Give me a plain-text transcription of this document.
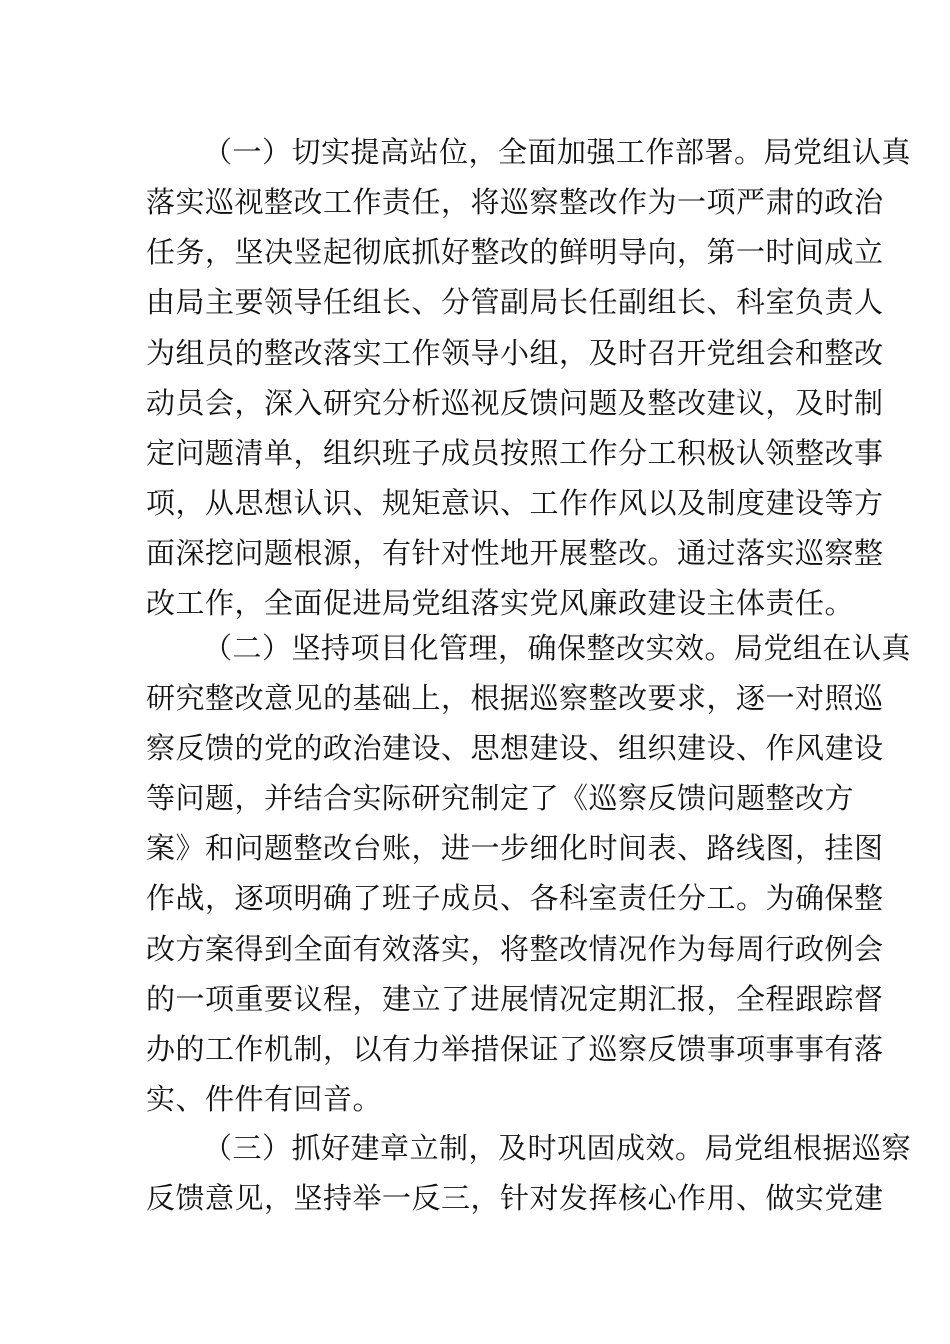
（一）切实提高站位，全面加强工作部署。局党组认真
落实巡视整改工作责任，将巡察整改作为一项严肃的政治
任务，坚决竖起彻底抓好整改的鲜明导向，第一时间成立
由局主要领导任组长、分管副局长任副组长、科室负责人
为组员的整改落实工作领导小组，及时召开党组会和整改
动员会，深入研究分析巡视反馈问题及整改建议，及时制
定问题清单，组织班子成员按照工作分工积极认领整改事
项，从思想认识、规矩意识、工作作风以及制度建设等方
面深挖问题根源，有针对性地开展整改。通过落实巡察整
改工作，全面促进局党组落实党风廉政建设主体责任。
（二）坚持项目化管理，确保整改实效。局党组在认真
研究整改意见的基础上，根据巡察整改要求，逐一对照巡
察反馈的党的政治建设、思想建设、组织建设、作风建设
等问题，并结合实际研究制定了《巡察反馈问题整改方
案》和问题整改台账，进一步细化时间表、路线图，挂图
作战，逐项明确了班子成员、各科室责任分工。为确保整
改方案得到全面有效落实，将整改情况作为每周行政例会
的一项重要议程，建立了进展情况定期汇报，全程跟踪督
办的工作机制，以有力举措保证了巡察反馈事项事事有落
实、件件有回音。
（三）抓好建章立制，及时巩固成效。局党组根据巡察
反馈意见，坚持举一反三，针对发挥核心作用、做实党建
